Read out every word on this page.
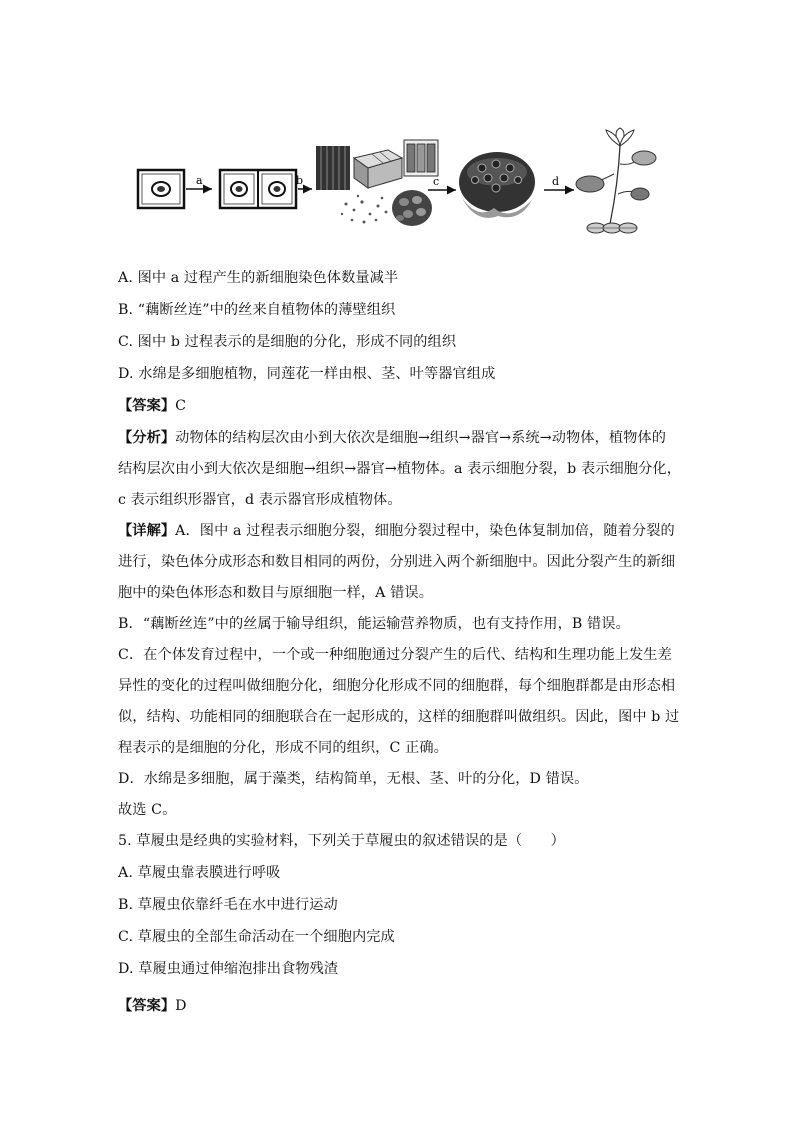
a	b	c	d
A. 图中 a 过程产生的新细胞染色体数量减半
B. “藕断丝连”中的丝来自植物体的薄壁组织
C. 图中 b 过程表示的是细胞的分化，形成不同的组织
D. 水绵是多细胞植物，同莲花一样由根、茎、叶等器官组成
【答案】C
【分析】动物体的结构层次由小到大依次是细胞→组织→器官→系统→动物体，植物体的
结构层次由小到大依次是细胞→组织→器官→植物体。a 表示细胞分裂，b 表示细胞分化，
c 表示组织形器官，d 表示器官形成植物体。
【详解】A．图中 a 过程表示细胞分裂，细胞分裂过程中，染色体复制加倍，随着分裂的
进行，染色体分成形态和数目相同的两份，分别进入两个新细胞中。因此分裂产生的新细
胞中的染色体形态和数目与原细胞一样，A 错误。
B．“藕断丝连”中的丝属于输导组织，能运输营养物质，也有支持作用，B 错误。
C．在个体发育过程中，一个或一种细胞通过分裂产生的后代、结构和生理功能上发生差
异性的变化的过程叫做细胞分化，细胞分化形成不同的细胞群，每个细胞群都是由形态相
似，结构、功能相同的细胞联合在一起形成的，这样的细胞群叫做组织。因此，图中 b 过
程表示的是细胞的分化，形成不同的组织，C 正确。
D．水绵是多细胞，属于藻类，结构简单，无根、茎、叶的分化，D 错误。
故选 C。
5. 草履虫是经典的实验材料，下列关于草履虫的叙述错误的是（　　）
A. 草履虫靠表膜进行呼吸
B. 草履虫依靠纤毛在水中进行运动
C. 草履虫的全部生命活动在一个细胞内完成
D. 草履虫通过伸缩泡排出食物残渣
【答案】D
